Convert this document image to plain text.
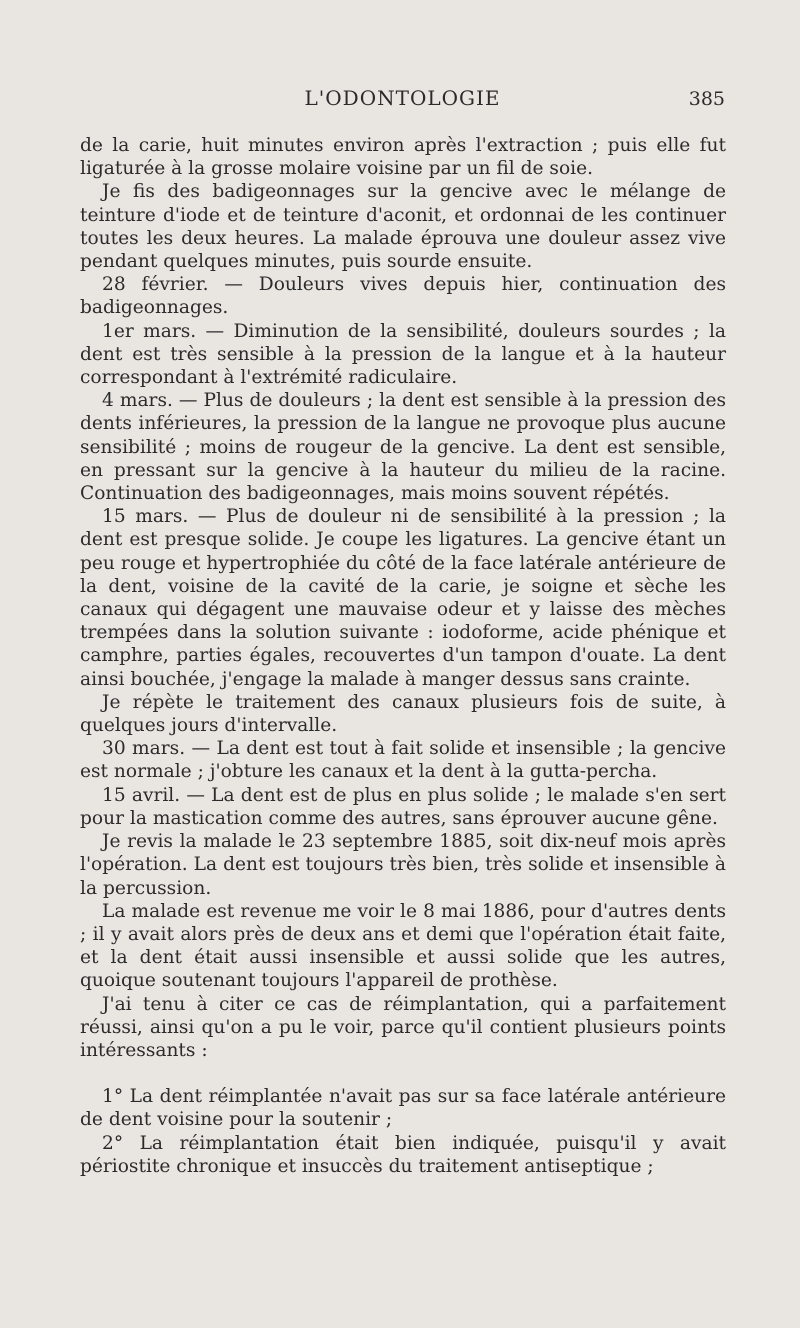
L'ODONTOLOGIE	385

de la carie, huit minutes environ après l'extraction ; puis elle fut ligaturée à la grosse molaire voisine par un fil de soie.

Je fis des badigeonnages sur la gencive avec le mélange de teinture d'iode et de teinture d'aconit, et ordonnai de les continuer toutes les deux heures. La malade éprouva une douleur assez vive pendant quelques minutes, puis sourde ensuite.

28 février. — Douleurs vives depuis hier, continuation des badigeonnages.

1er mars. — Diminution de la sensibilité, douleurs sourdes ; la dent est très sensible à la pression de la langue et à la hauteur correspondant à l'extrémité radiculaire.

4 mars. — Plus de douleurs ; la dent est sensible à la pression des dents inférieures, la pression de la langue ne provoque plus aucune sensibilité ; moins de rougeur de la gencive. La dent est sensible, en pressant sur la gencive à la hauteur du milieu de la racine. Continuation des badigeonnages, mais moins souvent répétés.

15 mars. — Plus de douleur ni de sensibilité à la pression ; la dent est presque solide. Je coupe les ligatures. La gencive étant un peu rouge et hypertrophiée du côté de la face latérale antérieure de la dent, voisine de la cavité de la carie, je soigne et sèche les canaux qui dégagent une mauvaise odeur et y laisse des mèches trempées dans la solution suivante : iodoforme, acide phénique et camphre, parties égales, recouvertes d'un tampon d'ouate. La dent ainsi bouchée, j'engage la malade à manger dessus sans crainte.

Je répète le traitement des canaux plusieurs fois de suite, à quelques jours d'intervalle.

30 mars. — La dent est tout à fait solide et insensible ; la gencive est normale ; j'obture les canaux et la dent à la gutta-percha.

15 avril. — La dent est de plus en plus solide ; le malade s'en sert pour la mastication comme des autres, sans éprouver aucune gêne.

Je revis la malade le 23 septembre 1885, soit dix-neuf mois après l'opération. La dent est toujours très bien, très solide et insensible à la percussion.

La malade est revenue me voir le 8 mai 1886, pour d'autres dents ; il y avait alors près de deux ans et demi que l'opération était faite, et la dent était aussi insensible et aussi solide que les autres, quoique soutenant toujours l'appareil de prothèse.

J'ai tenu à citer ce cas de réimplantation, qui a parfaitement réussi, ainsi qu'on a pu le voir, parce qu'il contient plusieurs points intéressants :

1° La dent réimplantée n'avait pas sur sa face latérale antérieure de dent voisine pour la soutenir ;

2° La réimplantation était bien indiquée, puisqu'il y avait périostite chronique et insuccès du traitement antiseptique ;
